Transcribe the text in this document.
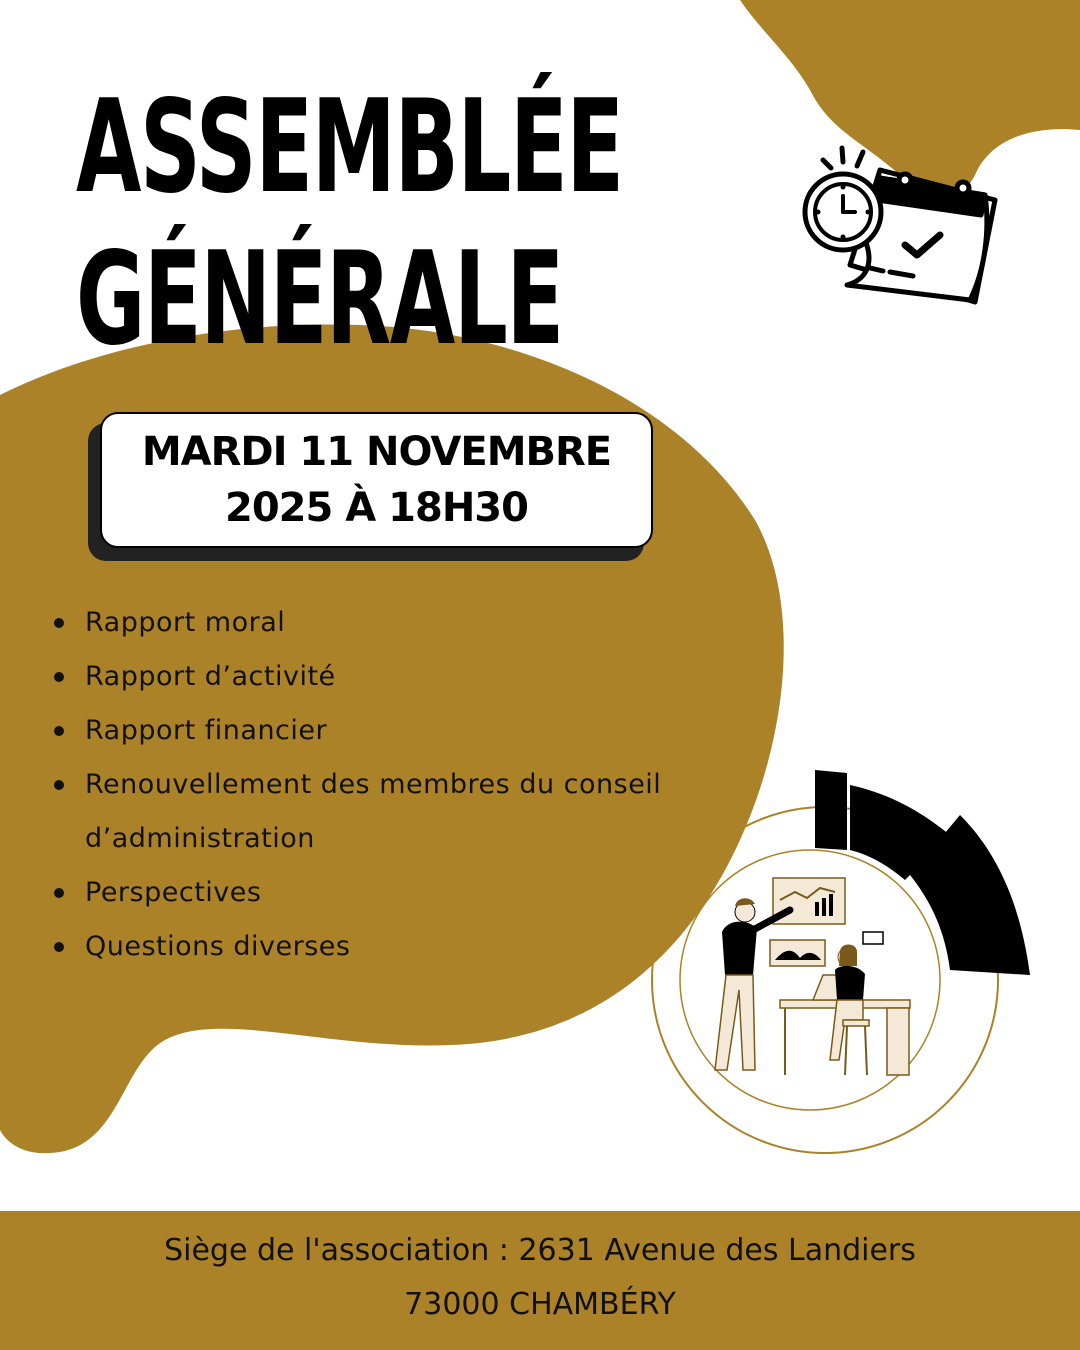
ASSEMBLÉE
GÉNÉRALE
MARDI 11 NOVEMBRE
2025 À 18H30
Rapport moral
Rapport d’activité
Rapport financier
Renouvellement des membres du conseil d’administration
Perspectives
Questions diverses
Siège de l'association : 2631 Avenue des Landiers
73000 CHAMBÉRY
